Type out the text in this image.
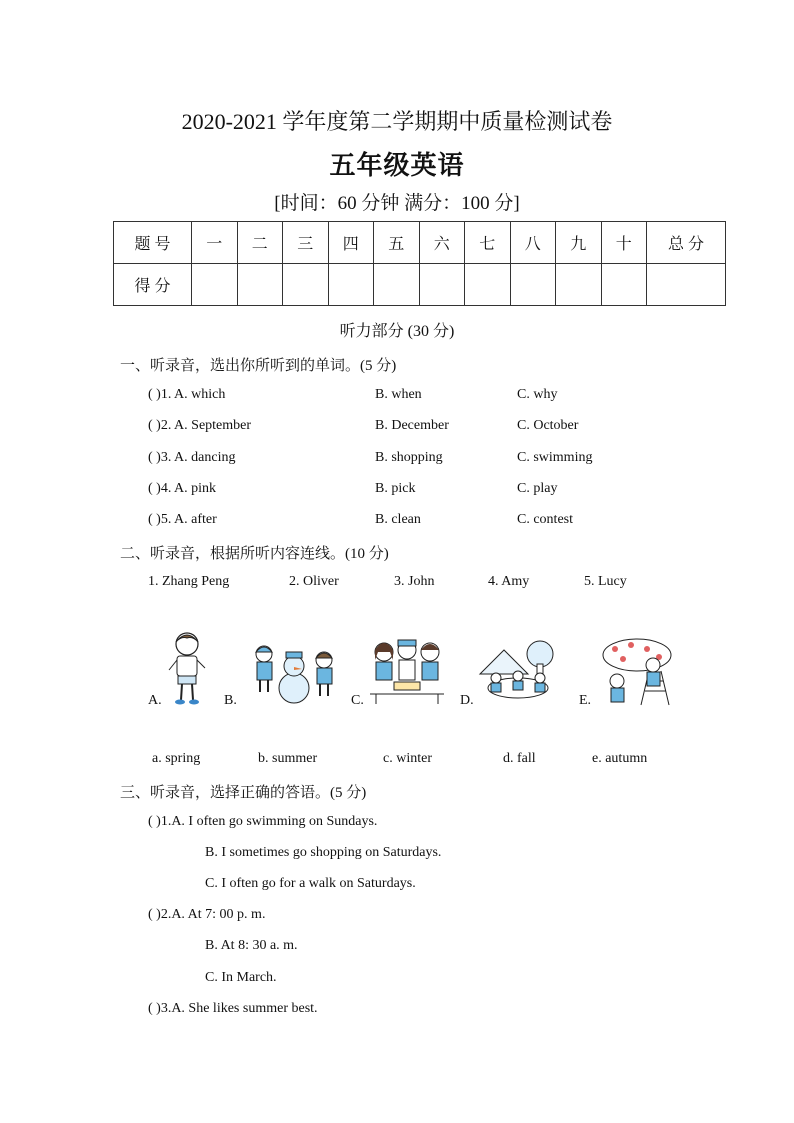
2020-2021 学年度第二学期期中质量检测试卷
五年级英语
[时间：60 分钟 满分：100 分]
题 号	一	二	三	四	五	六	七	八	九	十	总 分
得 分											
听力部分 (30 分)
一、听录音，选出你所听到的单词。(5 分)
( )1. A. which	B. when	C. why
( )2. A. September	B. December	C. October
( )3. A. dancing	B. shopping	C. swimming
( )4. A. pink	B. pick	C. play
( )5. A. after	B. clean	C. contest
二、听录音，根据所听内容连线。(10 分)
1. Zhang Peng	2. Oliver	3. John	4. Amy	5. Lucy
A.	B.	C.	D.	E.
a. spring	b. summer	c. winter	d. fall	e. autumn
三、听录音，选择正确的答语。(5 分)
( )1.A. I often go swimming on Sundays.
B. I sometimes go shopping on Saturdays.
C. I often go for a walk on Saturdays.
( )2.A. At 7: 00 p. m.
B. At 8: 30 a. m.
C. In March.
( )3.A. She likes summer best.
